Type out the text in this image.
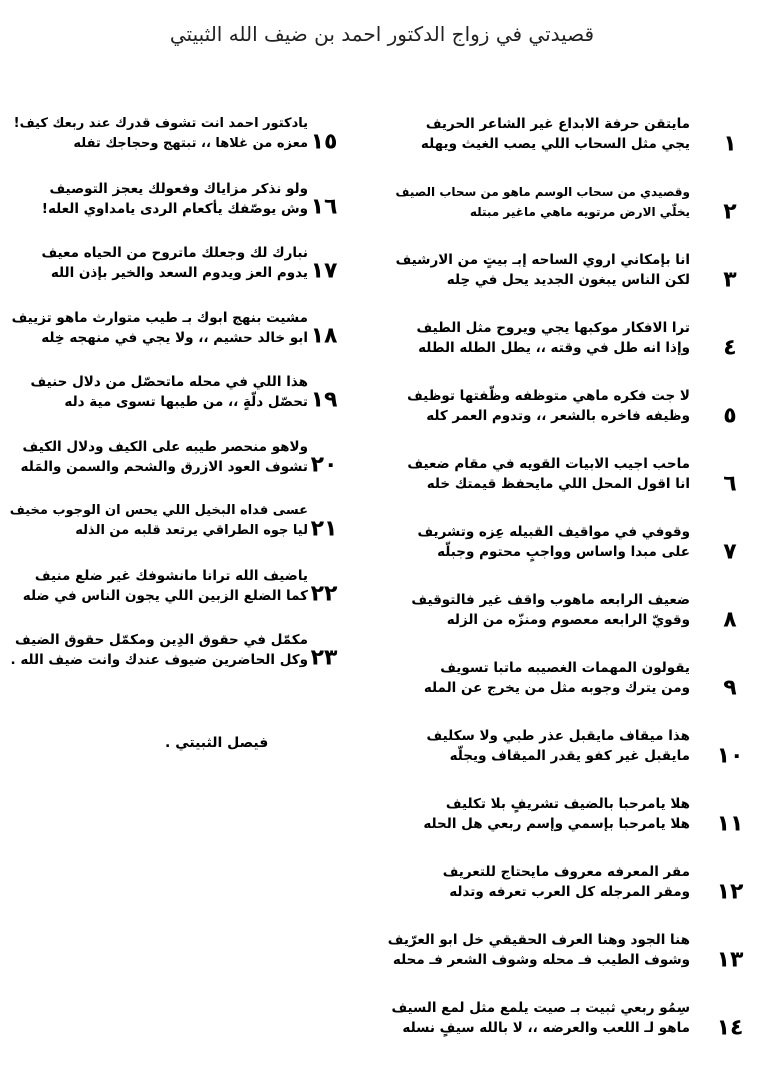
قصيدتي في زواج الدكتور احمد بن ضيف الله الثبيتي
١
مايتقن حرفة الابداع غير الشاعر الحريف
يجي مثل السحاب اللي يصب الغيث ويهله
٢
وقصيدي من سحاب الوسم ماهو من سحاب الصيف
يخلّي الارض مرتويه ماهي ماغير مبتله
٣
انا بإمكاني اروي الساحه إبـ بيتٍ من الارشيف
لكن الناس يبغون الجديد يحل في حِله
٤
ترا الافكار موكبها يجي ويروح مثل الطيف
وإذا انه طل في وقته ،، يطل الطله الطله
٥
لا جت فكره ماهي متوظفه وظّفتها توظيف
وظيفه فاخره بالشعر ،، وتدوم العمر كله
٦
ماحب اجيب الابيات القويه في مقام ضعيف
انا اقول المحل اللي مايحفظ قيمتك خله
٧
وقوفي في مواقيف القبيله عِزه وتشريف
على مبدا واساس وواجبٍ محتوم وجبلّه
٨
ضعيف الرابعه ماهوب واقف غير فالتوقيف
وقويّ الرابعه معصوم ومنزّه من الزله
٩
يقولون المهمات الغصيبه ماتبا تسويف
ومن يترك وجوبه مثل من يخرج عن المله
١٠
هذا ميقاف مايقبل عذر طبي ولا سكليف
مايقبل غير كفو يقدر الميقاف ويجلّه
١١
هلا يامرحبا بالضيف تشريفٍ بلا تكليف
هلا يامرحبا بإسمي وإسم ربعي هل الحله
١٢
مقر المعرفه معروف مايحتاج للتعريف
ومقر المرجله كل العرب تعرفه وتدله
١٣
هنا الجود وهنا العرف الحقيقي خل ابو العرّيف
وشوف الطيب فـ محله وشوف الشعر فـ محله
١٤
سِمُو ربعي ثبيت بـ صيت يلمع مثل لمع السيف
ماهو لـ اللعب والعرضه ،، لا بالله سيفٍ نسله
١٥
يادكتور احمد انت تشوف قدرك عند ربعك كيف!
معزه من غلاها ،، تبتهج وحجاجك تفله
١٦
ولو نذكر مزاياك وفعولك يعجز التوصيف
وش يوصّفك يأكعام الردى يامداوي العله!
١٧
نبارك لك وجعلك ماتروح من الحياه معيف
يدوم العز ويدوم السعد والخير بإذن الله
١٨
مشيت بنهج ابوك بـ طيب متوارث ماهو تزييف
ابو خالد حشيم ،، ولا يجي في منهجه خِله
١٩
هذا اللي في محله ماتحصّل من دلال حنيف
تحصّل دلّةٍ ،، من طيبها تسوى مية دله
٢٠
ولاهو منحصر طيبه على الكيف ودلال الكيف
تشوف العود الازرق والشحم والسمن والمَله
٢١
عسى فداه البخيل اللي يحس ان الوجوب مخيف
ليا جوه الطراقي يرتعد قلبه من الذله
٢٢
ياضيف الله ترانا مانشوفك غير ضلع منيف
كما الضلع الزبين اللي يجون الناس في ضله
٢٣
مكمّل في حقوق الدِين ومكمّل حقوق الضيف
وكل الحاضرين ضيوف عندك وانت ضيف الله .
فيصل الثبيتي .
